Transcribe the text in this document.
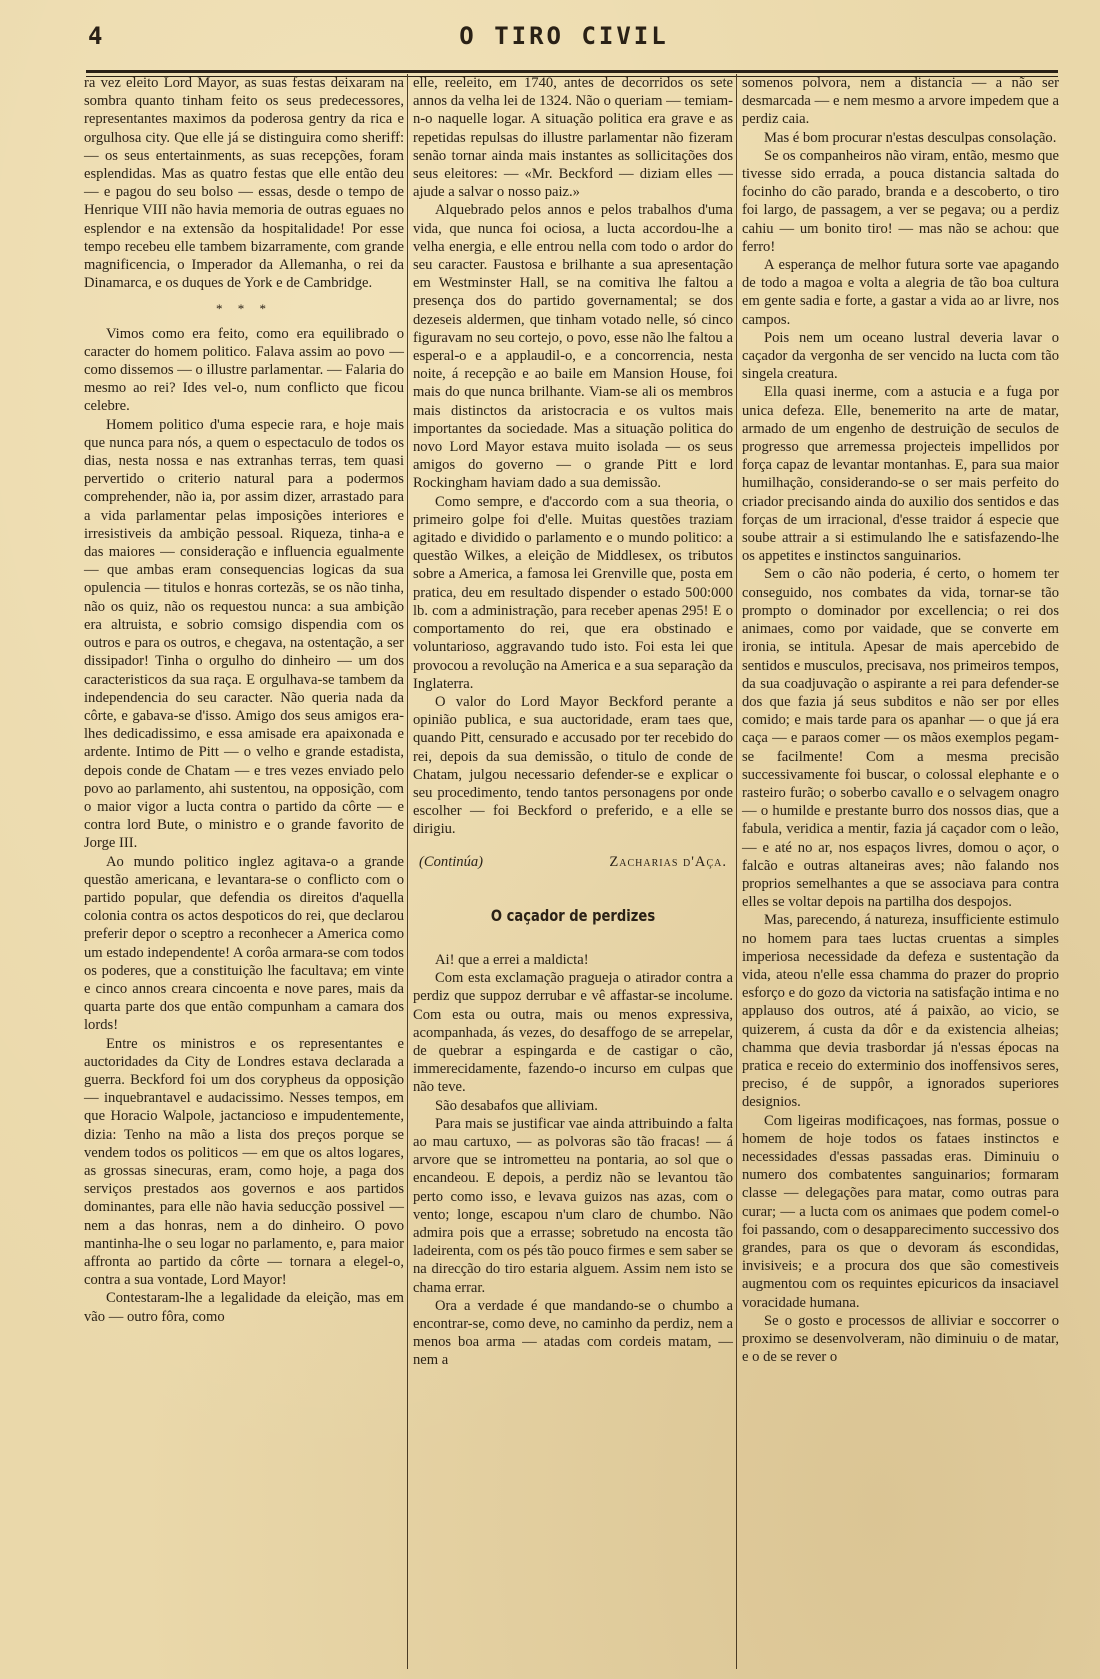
4	O TIRO CIVIL

ra vez eleito Lord Mayor, as suas festas deixaram na sombra quanto tinham feito os seus predecessores, representantes maximos da poderosa gentry da rica e orgulhosa city. Que elle já se distinguira como sheriff: — os seus entertainments, as suas recepções, foram esplendidas. Mas as quatro festas que elle então deu — e pagou do seu bolso — essas, desde o tempo de Henrique VIII não havia memoria de outras eguaes no esplendor e na extensão da hospitalidade! Por esse tempo recebeu elle tambem bizarramente, com grande magnificencia, o Imperador da Allemanha, o rei da Dinamarca, e os duques de York e de Cambridge.

* * *

Vimos como era feito, como era equilibrado o caracter do homem politico. Falava assim ao povo — como dissemos — o illustre parlamentar. — Falaria do mesmo ao rei? Ides vel-o, num conflicto que ficou celebre.

Homem politico d'uma especie rara, e hoje mais que nunca para nós, a quem o espectaculo de todos os dias, nesta nossa e nas extranhas terras, tem quasi pervertido o criterio natural para a podermos comprehender, não ia, por assim dizer, arrastado para a vida parlamentar pelas imposições interiores e irresistiveis da ambição pessoal. Riqueza, tinha-a e das maiores — consideração e influencia egualmente — que ambas eram consequencias logicas da sua opulencia — titulos e honras cortezãs, se os não tinha, não os quiz, não os requestou nunca: a sua ambição era altruista, e sobrio comsigo dispendia com os outros e para os outros, e chegava, na ostentação, a ser dissipador! Tinha o orgulho do dinheiro — um dos caracteristicos da sua raça. E orgulhava-se tambem da independencia do seu caracter. Não queria nada da côrte, e gabava-se d'isso. Amigo dos seus amigos era-lhes dedicadissimo, e essa amisade era apaixonada e ardente. Intimo de Pitt — o velho e grande estadista, depois conde de Chatam — e tres vezes enviado pelo povo ao parlamento, ahi sustentou, na opposição, com o maior vigor a lucta contra o partido da côrte — e contra lord Bute, o ministro e o grande favorito de Jorge III.

Ao mundo politico inglez agitava-o a grande questão americana, e levantara-se o conflicto com o partido popular, que defendia os direitos d'aquella colonia contra os actos despoticos do rei, que declarou preferir depor o sceptro a reconhecer a America como um estado independente! A corôa armara-se com todos os poderes, que a constituição lhe facultava; em vinte e cinco annos creara cincoenta e nove pares, mais da quarta parte dos que então compunham a camara dos lords!

Entre os ministros e os representantes e auctoridades da City de Londres estava declarada a guerra. Beckford foi um dos corypheus da opposição — inquebrantavel e audacissimo. Nesses tempos, em que Horacio Walpole, jactancioso e impudentemente, dizia: Tenho na mão a lista dos preços porque se vendem todos os politicos — em que os altos logares, as grossas sinecuras, eram, como hoje, a paga dos serviços prestados aos governos e aos partidos dominantes, para elle não havia seducção possivel — nem a das honras, nem a do dinheiro. O povo mantinha-lhe o seu logar no parlamento, e, para maior affronta ao partido da côrte — tornara a elegel-o, contra a sua vontade, Lord Mayor!

Contestaram-lhe a legalidade da eleição, mas em vão — outro fôra, como

elle, reeleito, em 1740, antes de decorridos os sete annos da velha lei de 1324. Não o queriam — temiam-n-o naquelle logar. A situação politica era grave e as repetidas repulsas do illustre parlamentar não fizeram senão tornar ainda mais instantes as sollicitações dos seus eleitores: — «Mr. Beckford — diziam elles — ajude a salvar o nosso paiz.»

Alquebrado pelos annos e pelos trabalhos d'uma vida, que nunca foi ociosa, a lucta accordou-lhe a velha energia, e elle entrou nella com todo o ardor do seu caracter. Faustosa e brilhante a sua apresentação em Westminster Hall, se na comitiva lhe faltou a presença dos do partido governamental; se dos dezeseis aldermen, que tinham votado nelle, só cinco figuravam no seu cortejo, o povo, esse não lhe faltou a esperal-o e a applaudil-o, e a concorrencia, nesta noite, á recepção e ao baile em Mansion House, foi mais do que nunca brilhante. Viam-se ali os membros mais distinctos da aristocracia e os vultos mais importantes da sociedade. Mas a situação politica do novo Lord Mayor estava muito isolada — os seus amigos do governo — o grande Pitt e lord Rockingham haviam dado a sua demissão.

Como sempre, e d'accordo com a sua theoria, o primeiro golpe foi d'elle. Muitas questões traziam agitado e dividido o parlamento e o mundo politico: a questão Wilkes, a eleição de Middlesex, os tributos sobre a America, a famosa lei Grenville que, posta em pratica, deu em resultado dispender o estado 500:000 lb. com a administração, para receber apenas 295! E o comportamento do rei, que era obstinado e voluntarioso, aggravando tudo isto. Foi esta lei que provocou a revolução na America e a sua separação da Inglaterra.

O valor do Lord Mayor Beckford perante a opinião publica, e sua auctoridade, eram taes que, quando Pitt, censurado e accusado por ter recebido do rei, depois da sua demissão, o titulo de conde de Chatam, julgou necessario defender-se e explicar o seu procedimento, tendo tantos personagens por onde escolher — foi Beckford o preferido, e a elle se dirigiu.

(Continúa)	Zacharias d'Aça.
O caçador de perdizes

Ai! que a errei a maldicta!

Com esta exclamação pragueja o atirador contra a perdiz que suppoz derrubar e vê affastar-se incolume. Com esta ou outra, mais ou menos expressiva, acompanhada, ás vezes, do desaffogo de se arrepelar, de quebrar a espingarda e de castigar o cão, immerecidamente, fazendo-o incurso em culpas que não teve.

São desabafos que alliviam.

Para mais se justificar vae ainda attribuindo a falta ao mau cartuxo, — as polvoras são tão fracas! — á arvore que se intrometteu na pontaria, ao sol que o encandeou. E depois, a perdiz não se levantou tão perto como isso, e levava guizos nas azas, com o vento; longe, escapou n'um claro de chumbo. Não admira pois que a errasse; sobretudo na encosta tão ladeirenta, com os pés tão pouco firmes e sem saber se na direcção do tiro estaria alguem. Assim nem isto se chama errar.

Ora a verdade é que mandando-se o chumbo a encontrar-se, como deve, no caminho da perdiz, nem a menos boa arma — atadas com cordeis matam, — nem a

somenos polvora, nem a distancia — a não ser desmarcada — e nem mesmo a arvore impedem que a perdiz caia.

Mas é bom procurar n'estas desculpas consolação.

Se os companheiros não viram, então, mesmo que tivesse sido errada, a pouca distancia saltada do focinho do cão parado, branda e a descoberto, o tiro foi largo, de passagem, a ver se pegava; ou a perdiz cahiu — um bonito tiro! — mas não se achou: que ferro!

A esperança de melhor futura sorte vae apagando de todo a magoa e volta a alegria de tão boa cultura em gente sadia e forte, a gastar a vida ao ar livre, nos campos.

Pois nem um oceano lustral deveria lavar o caçador da vergonha de ser vencido na lucta com tão singela creatura.

Ella quasi inerme, com a astucia e a fuga por unica defeza. Elle, benemerito na arte de matar, armado de um engenho de destruição de seculos de progresso que arremessa projecteis impellidos por força capaz de levantar montanhas. E, para sua maior humilhação, considerando-se o ser mais perfeito do criador precisando ainda do auxilio dos sentidos e das forças de um irracional, d'esse traidor á especie que soube attrair a si estimulando lhe e satisfazendo-lhe os appetites e instinctos sanguinarios.

Sem o cão não poderia, é certo, o homem ter conseguido, nos combates da vida, tornar-se tão prompto o dominador por excellencia; o rei dos animaes, como por vaidade, que se converte em ironia, se intitula. Apesar de mais apercebido de sentidos e musculos, precisava, nos primeiros tempos, da sua coadjuvação o aspirante a rei para defender-se dos que fazia já seus subditos e não ser por elles comido; e mais tarde para os apanhar — o que já era caça — e paraos comer — os mãos exemplos pegam-se facilmente! Com a mesma precisão successivamente foi buscar, o colossal elephante e o rasteiro furão; o soberbo cavallo e o selvagem onagro — o humilde e prestante burro dos nossos dias, que a fabula, veridica a mentir, fazia já caçador com o leão, — e até no ar, nos espaços livres, domou o açor, o falcão e outras altaneiras aves; não falando nos proprios semelhantes a que se associava para contra elles se voltar depois na partilha dos despojos.

Mas, parecendo, á natureza, insufficiente estimulo no homem para taes luctas cruentas a simples imperiosa necessidade da defeza e sustentação da vida, ateou n'elle essa chamma do prazer do proprio esforço e do gozo da victoria na satisfação intima e no applauso dos outros, até á paixão, ao vicio, se quizerem, á custa da dôr e da existencia alheias; chamma que devia trasbordar já n'essas épocas na pratica e receio do exterminio dos inoffensivos seres, preciso, é de suppôr, a ignorados superiores designios.

Com ligeiras modificaçoes, nas formas, possue o homem de hoje todos os fataes instinctos e necessidades d'essas passadas eras. Diminuiu o numero dos combatentes sanguinarios; formaram classe — delegações para matar, como outras para curar; — a lucta com os animaes que podem comel-o foi passando, com o desapparecimento successivo dos grandes, para os que o devoram ás escondidas, invisiveis; e a procura dos que são comestiveis augmentou com os requintes epicuricos da insaciavel voracidade humana.

Se o gosto e processos de alliviar e soccorrer o proximo se desenvolveram, não diminuiu o de matar, e o de se rever o
